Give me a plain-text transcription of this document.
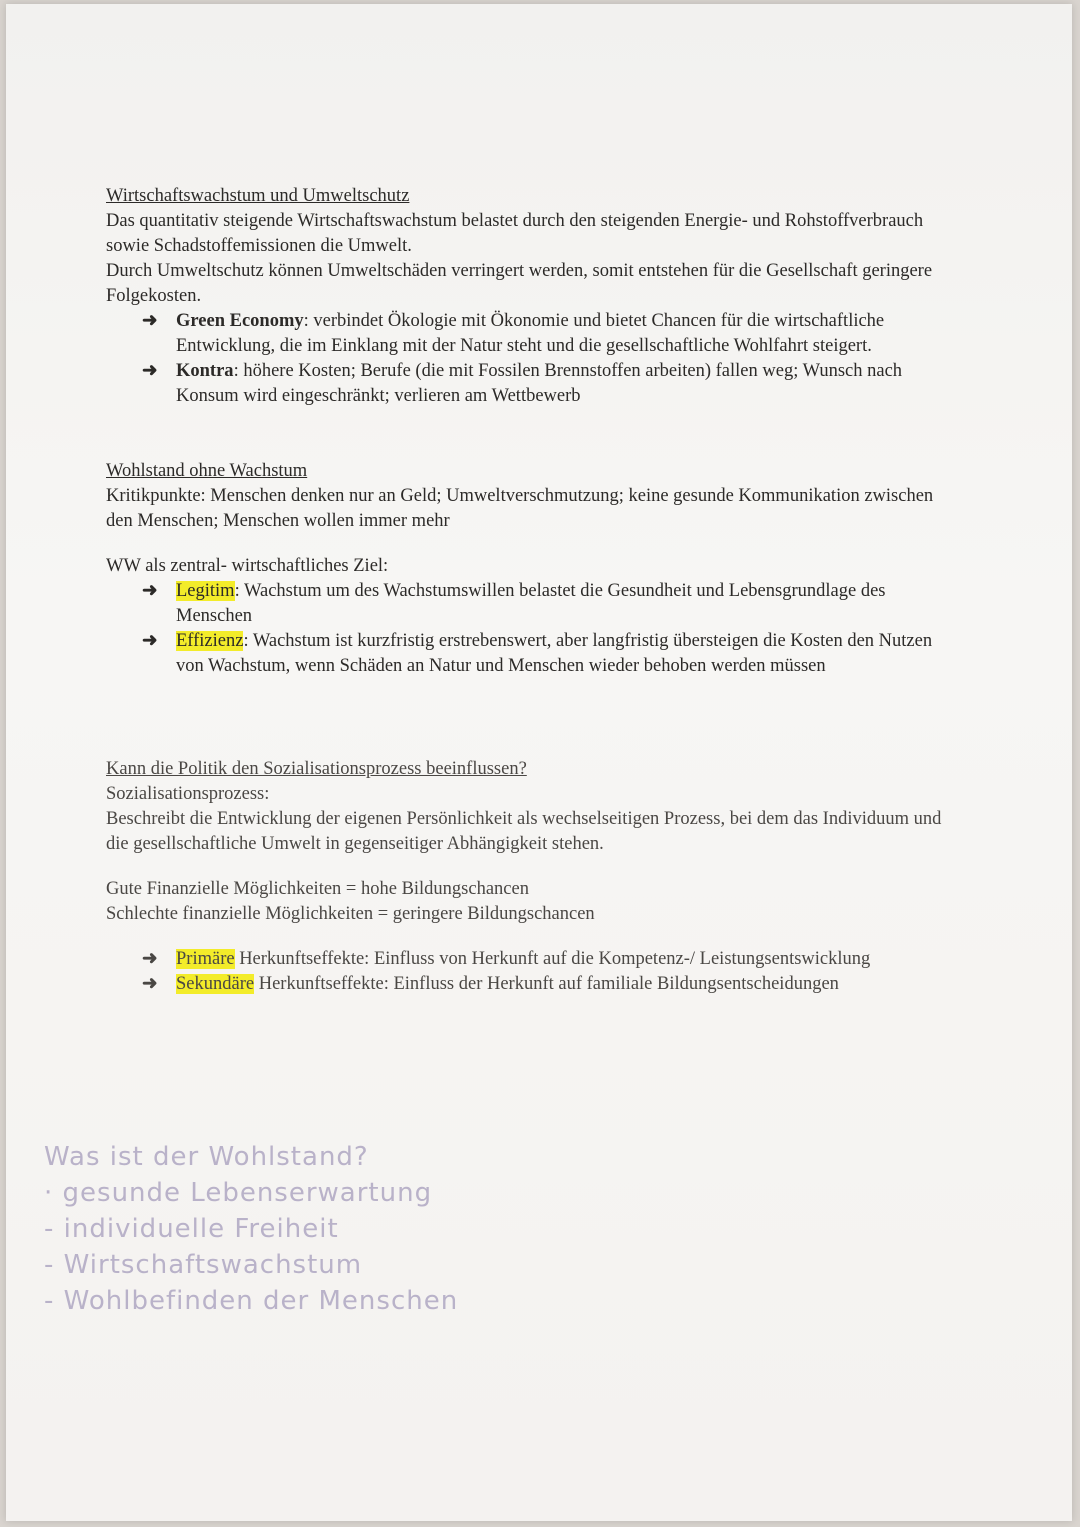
Wirtschaftswachstum und Umweltschutz

Das quantitativ steigende Wirtschaftswachstum belastet durch den steigenden Energie- und Rohstoffverbrauch sowie Schadstoffemissionen die Umwelt.

Durch Umweltschutz können Umweltschäden verringert werden, somit entstehen für die Gesellschaft geringere Folgekosten.

➜ Green Economy: verbindet Ökologie mit Ökonomie und bietet Chancen für die wirtschaftliche Entwicklung, die im Einklang mit der Natur steht und die gesellschaftliche Wohlfahrt steigert.
➜ Kontra: höhere Kosten; Berufe (die mit Fossilen Brennstoffen arbeiten) fallen weg; Wunsch nach Konsum wird eingeschränkt; verlieren am Wettbewerb

Wohlstand ohne Wachstum

Kritikpunkte: Menschen denken nur an Geld; Umweltverschmutzung; keine gesunde Kommunikation zwischen den Menschen; Menschen wollen immer mehr

WW als zentral- wirtschaftliches Ziel:

➜ Legitim: Wachstum um des Wachstumswillen belastet die Gesundheit und Lebensgrundlage des Menschen
➜ Effizienz: Wachstum ist kurzfristig erstrebenswert, aber langfristig übersteigen die Kosten den Nutzen von Wachstum, wenn Schäden an Natur und Menschen wieder behoben werden müssen

Kann die Politik den Sozialisationsprozess beeinflussen?

Sozialisationsprozess:

Beschreibt die Entwicklung der eigenen Persönlichkeit als wechselseitigen Prozess, bei dem das Individuum und die gesellschaftliche Umwelt in gegenseitiger Abhängigkeit stehen.

Gute Finanzielle Möglichkeiten = hohe Bildungschancen

Schlechte finanzielle Möglichkeiten = geringere Bildungschancen

➜ Primäre Herkunftseffekte: Einfluss von Herkunft auf die Kompetenz-/ Leistungsentswicklung
➜ Sekundäre Herkunftseffekte: Einfluss der Herkunft auf familiale Bildungsentscheidungen
Was ist der Wohlstand?
· gesunde Lebenserwartung
- individuelle Freiheit
- Wirtschaftswachstum
- Wohlbefinden der Menschen
